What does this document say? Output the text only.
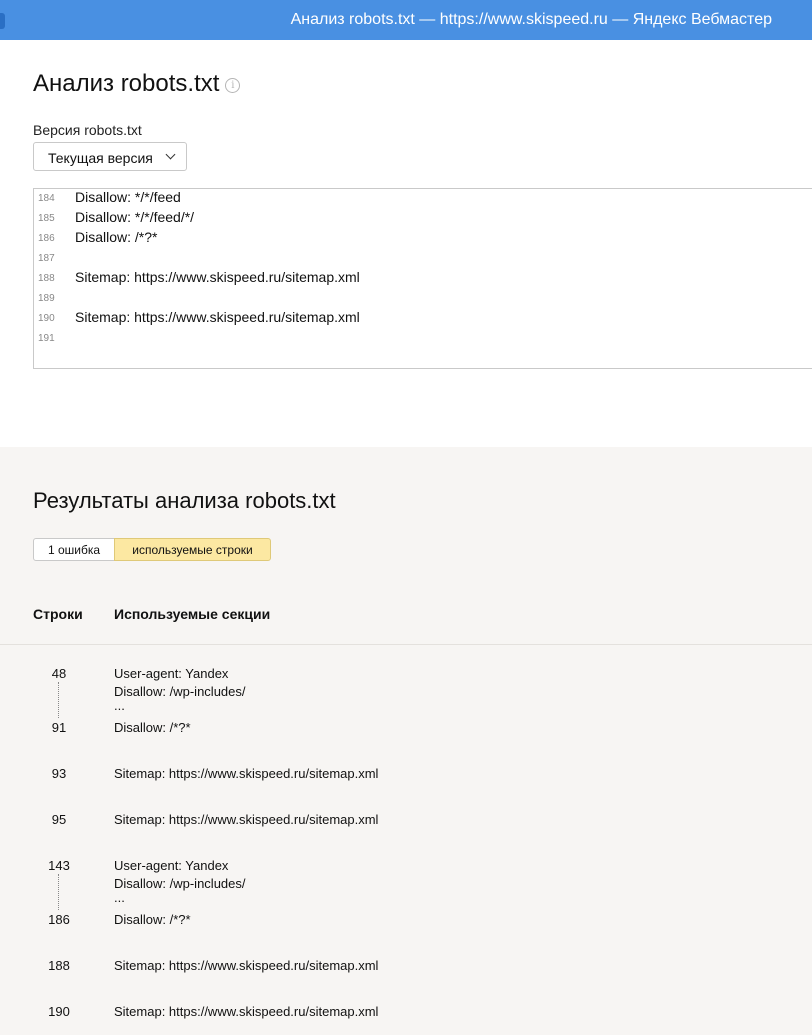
Анализ robots.txt — https://www.skispeed.ru — Яндекс Вебмастер
Анализ robots.txt i
Версия robots.txt
Текущая версия
184 Disallow: */*/feed
185 Disallow: */*/feed/*/
186 Disallow: /*?*
187
188 Sitemap: https://www.skispeed.ru/sitemap.xml
189
190 Sitemap: https://www.skispeed.ru/sitemap.xml
191
Результаты анализа robots.txt
1 ошибка	используемые строки
Строки Используемые секции
48	User-agent: Yandex
Disallow: /wp-includes/
...
91	Disallow: /*?*
93	Sitemap: https://www.skispeed.ru/sitemap.xml
95	Sitemap: https://www.skispeed.ru/sitemap.xml
143	User-agent: Yandex
Disallow: /wp-includes/
...
186	Disallow: /*?*
188	Sitemap: https://www.skispeed.ru/sitemap.xml
190	Sitemap: https://www.skispeed.ru/sitemap.xml
